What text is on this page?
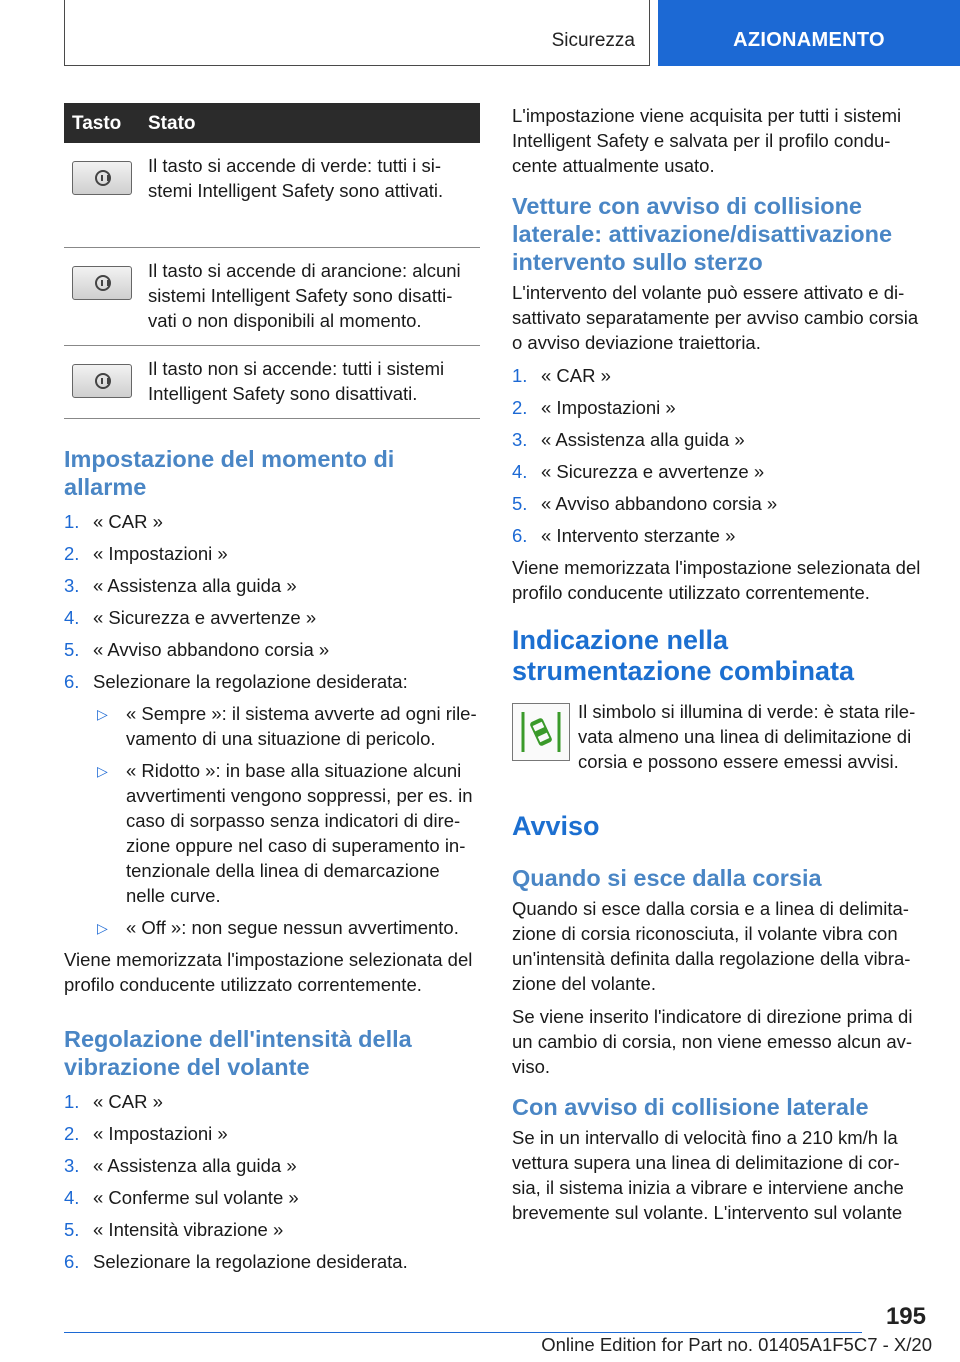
Sicurezza	AZIONAMENTO
Tasto	Stato

	Il tasto si accende di verde: tutti i si-stemi Intelligent Safety sono attivati.

	Il tasto si accende di arancione: alcuni sistemi Intelligent Safety sono disatti-vati o non disponibili al momento.

	Il tasto non si accende: tutti i sistemi Intelligent Safety sono disattivati.
Impostazione del momento di allarme
1. « CAR »
2. « Impostazioni »
3. « Assistenza alla guida »
4. « Sicurezza e avvertenze »
5. « Avviso abbandono corsia »
6. Selezionare la regolazione desiderata:
▷ « Sempre »: il sistema avverte ad ogni rile-vamento di una situazione di pericolo.
▷ « Ridotto »: in base alla situazione alcuni avvertimenti vengono soppressi, per es. in caso di sorpasso senza indicatori di dire-zione oppure nel caso di superamento in-tenzionale della linea di demarcazione nelle curve.
▷ « Off »: non segue nessun avvertimento.

Viene memorizzata l'impostazione selezionata del profilo conducente utilizzato correntemente.

Regolazione dell'intensità della vibrazione del volante
1. « CAR »
2. « Impostazioni »
3. « Assistenza alla guida »
4. « Conferme sul volante »
5. « Intensità vibrazione »
6. Selezionare la regolazione desiderata.

L'impostazione viene acquisita per tutti i sistemi Intelligent Safety e salvata per il profilo condu-cente attualmente usato.

Vetture con avviso di collisione laterale: attivazione/disattivazione intervento sullo sterzo

L'intervento del volante può essere attivato e di-sattivato separatamente per avviso cambio corsia o avviso deviazione traiettoria.

1. « CAR »
2. « Impostazioni »
3. « Assistenza alla guida »
4. « Sicurezza e avvertenze »
5. « Avviso abbandono corsia »
6. « Intervento sterzante »

Viene memorizzata l'impostazione selezionata del profilo conducente utilizzato correntemente.

Indicazione nella strumentazione combinata

Il simbolo si illumina di verde: è stata rile-vata almeno una linea di delimitazione di corsia e possono essere emessi avvisi.

Avviso
Quando si esce dalla corsia

Quando si esce dalla corsia e a linea di delimita-zione di corsia riconosciuta, il volante vibra con un'intensità definita dalla regolazione della vibra-zione del volante.

Se viene inserito l'indicatore di direzione prima di un cambio di corsia, non viene emesso alcun av-viso.

Con avviso di collisione laterale

Se in un intervallo di velocità fino a 210 km/h la vettura supera una linea di delimitazione di cor-sia, il sistema inizia a vibrare e interviene anche brevemente sul volante. L'intervento sul volante

195
Online Edition for Part no. 01405A1F5C7 - X/20
